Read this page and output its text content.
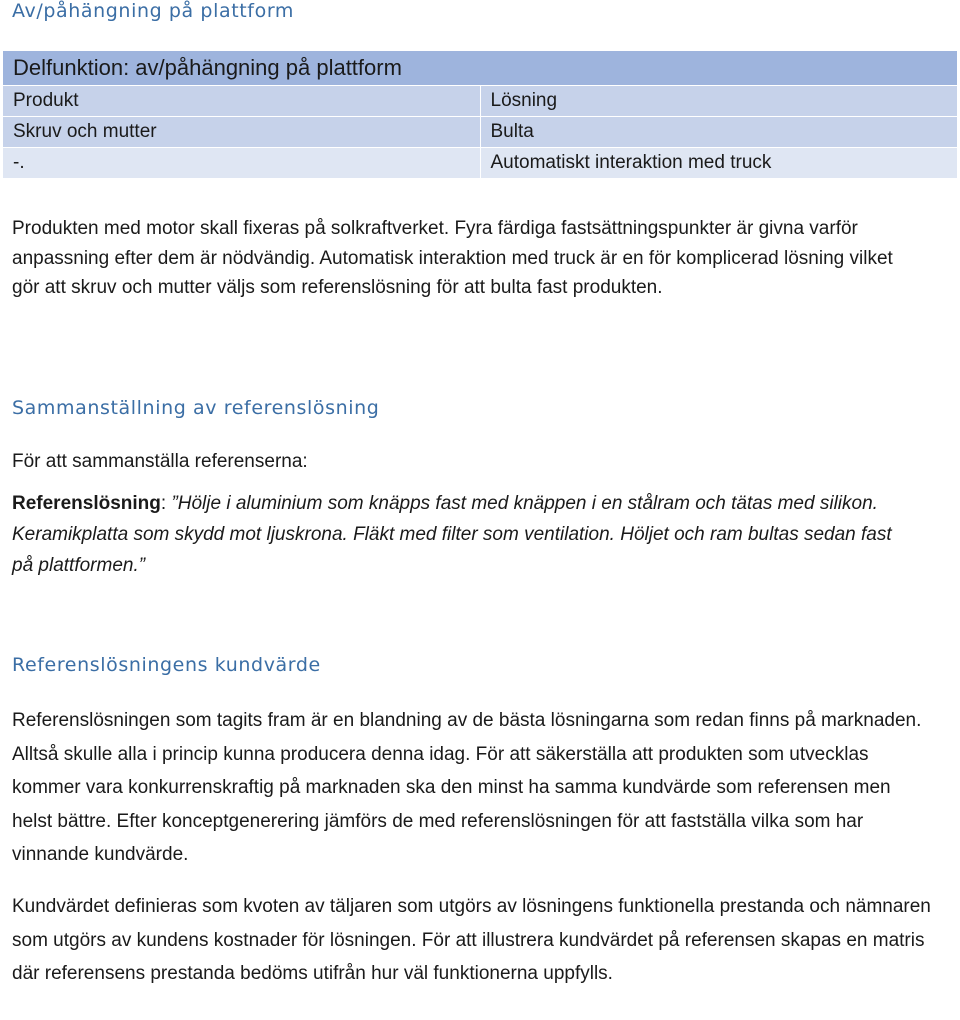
Av/påhängning på plattform
Delfunktion: av/påhängning på plattform	
Produkt	Lösning
Skruv och mutter	Bulta
-.	Automatiskt interaktion med truck

Produkten med motor skall fixeras på solkraftverket. Fyra färdiga fastsättningspunkter är givna varför anpassning efter dem är nödvändig. Automatisk interaktion med truck är en för komplicerad lösning vilket gör att skruv och mutter väljs som referenslösning för att bulta fast produkten.

Sammanställning av referenslösning

För att sammanställa referenserna:

Referenslösning: ”Hölje i aluminium som knäpps fast med knäppen i en stålram och tätas med silikon. Keramikplatta som skydd mot ljuskrona. Fläkt med filter som ventilation. Höljet och ram bultas sedan fast på plattformen.”

Referenslösningens kundvärde

Referenslösningen som tagits fram är en blandning av de bästa lösningarna som redan finns på marknaden. Alltså skulle alla i princip kunna producera denna idag. För att säkerställa att produkten som utvecklas kommer vara konkurrenskraftig på marknaden ska den minst ha samma kundvärde som referensen men helst bättre. Efter konceptgenerering jämförs de med referenslösningen för att fastställa vilka som har vinnande kundvärde.

Kundvärdet definieras som kvoten av täljaren som utgörs av lösningens funktionella prestanda och nämnaren som utgörs av kundens kostnader för lösningen. För att illustrera kundvärdet på referensen skapas en matris där referensens prestanda bedöms utifrån hur väl funktionerna uppfylls.
